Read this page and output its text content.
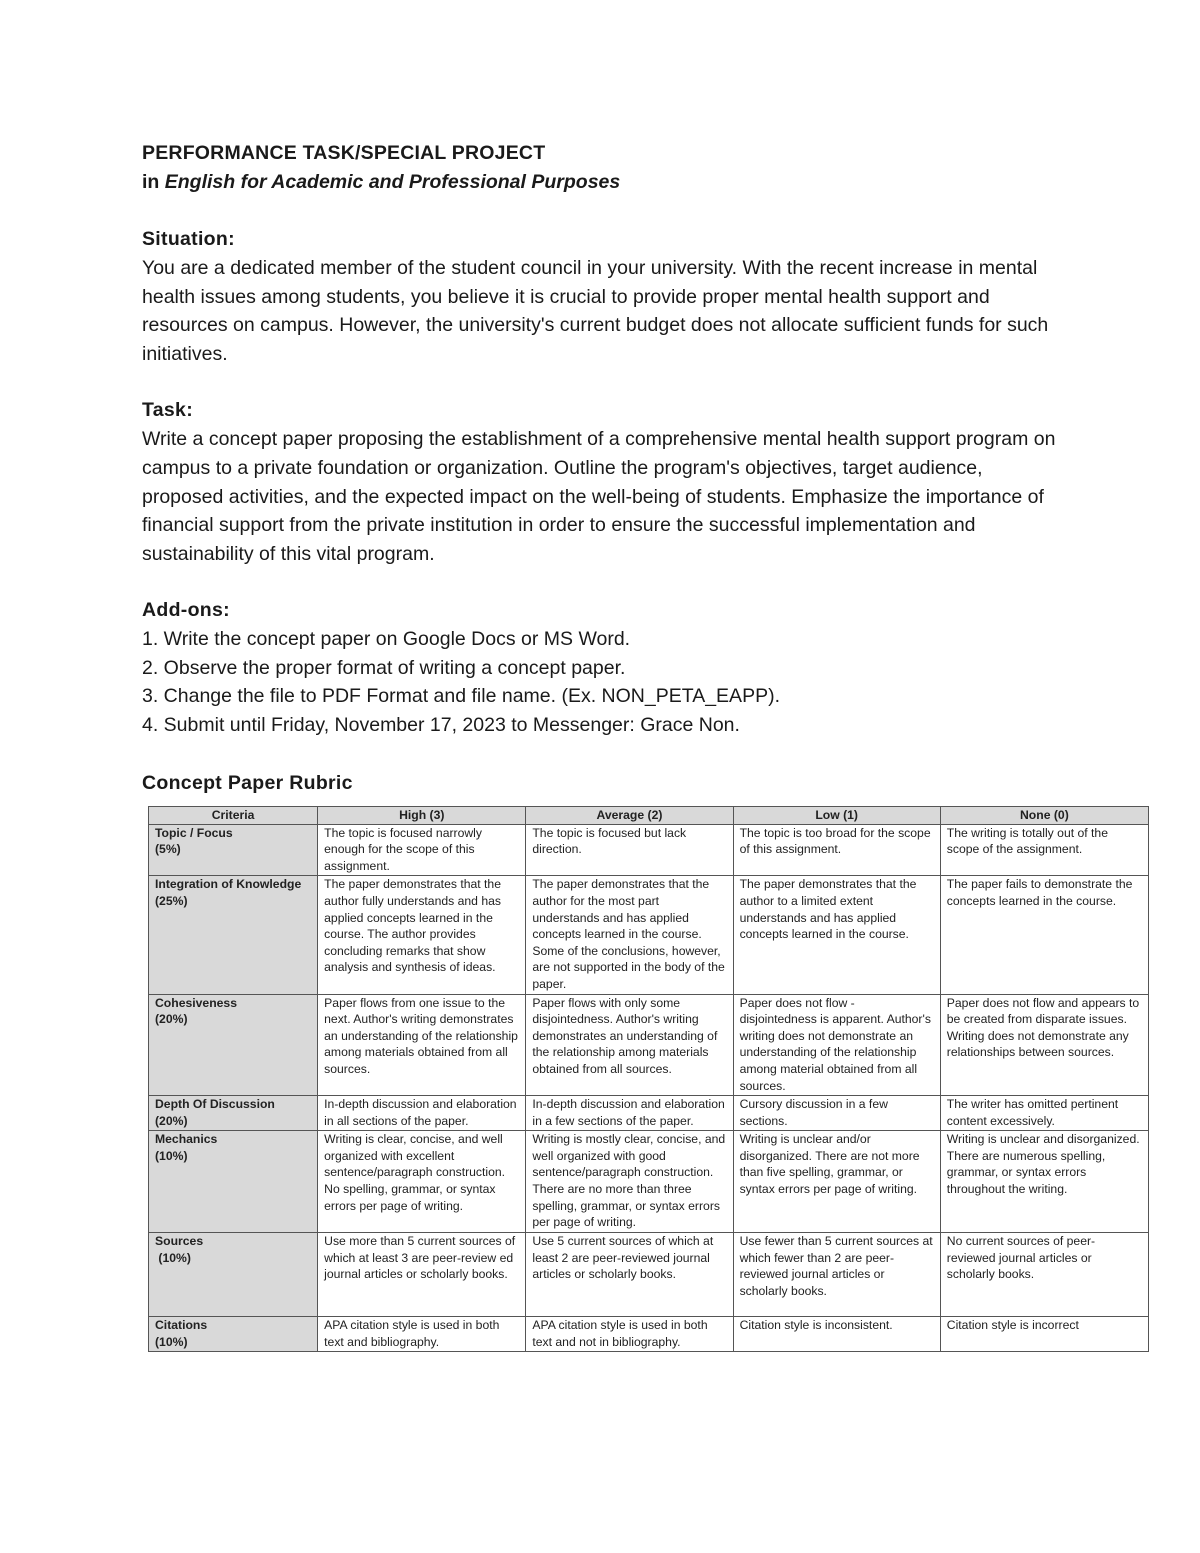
PERFORMANCE TASK/SPECIAL PROJECT
in English for Academic and Professional Purposes
Situation:
You are a dedicated member of the student council in your university. With the recent increase in mental health issues among students, you believe it is crucial to provide proper mental health support and resources on campus. However, the university's current budget does not allocate sufficient funds for such initiatives.
Task:
Write a concept paper proposing the establishment of a comprehensive mental health support program on campus to a private foundation or organization. Outline the program's objectives, target audience, proposed activities, and the expected impact on the well-being of students. Emphasize the importance of financial support from the private institution in order to ensure the successful implementation and sustainability of this vital program.
Add-ons:
1. Write the concept paper on Google Docs or MS Word.
2. Observe the proper format of writing a concept paper.
3. Change the file to PDF Format and file name. (Ex. NON_PETA_EAPP).
4. Submit until Friday, November 17, 2023 to Messenger: Grace Non.
Concept Paper Rubric
Criteria	High (3)	Average (2)	Low (1)	None (0)

Topic / Focus
(5%)	The topic is focused narrowly enough for the scope of this assignment.	The topic is focused but lack direction.	The topic is too broad for the scope of this assignment.	The writing is totally out of the scope of the assignment.

Integration of Knowledge
(25%)	The paper demonstrates that the author fully understands and has applied concepts learned in the course. The author provides concluding remarks that show analysis and synthesis of ideas.	The paper demonstrates that the author for the most part understands and has applied concepts learned in the course. Some of the conclusions, however, are not supported in the body of the paper.	The paper demonstrates that the author to a limited extent understands and has applied concepts learned in the course.	The paper fails to demonstrate the concepts learned in the course.

Cohesiveness
(20%)	Paper flows from one issue to the next. Author's writing demonstrates an understanding of the relationship among materials obtained from all sources.	Paper flows with only some disjointedness. Author's writing demonstrates an understanding of the relationship among materials obtained from all sources.	Paper does not flow - disjointedness is apparent. Author's writing does not demonstrate an understanding of the relationship among material obtained from all sources.	Paper does not flow and appears to be created from disparate issues. Writing does not demonstrate any relationships between sources.

Depth Of Discussion
(20%)	In-depth discussion and elaboration in all sections of the paper.	In-depth discussion and elaboration in a few sections of the paper.	Cursory discussion in a few sections.	The writer has omitted pertinent content excessively.

Mechanics
(10%)	Writing is clear, concise, and well organized with excellent sentence/paragraph construction. No spelling, grammar, or syntax errors per page of writing.	Writing is mostly clear, concise, and well organized with good sentence/paragraph construction. There are no more than three spelling, grammar, or syntax errors per page of writing.	Writing is unclear and/or disorganized. There are not more than five spelling, grammar, or syntax errors per page of writing.	Writing is unclear and disorganized. There are numerous spelling, grammar, or syntax errors throughout the writing.

Sources
(10%)	Use more than 5 current sources of which at least 3 are peer-review ed journal articles or scholarly books.	Use 5 current sources of which at least 2 are peer-reviewed journal articles or scholarly books.	Use fewer than 5 current sources at which fewer than 2 are peer-reviewed journal articles or scholarly books.	No current sources of peer-reviewed journal articles or scholarly books.

Citations
(10%)	APA citation style is used in both text and bibliography.	APA citation style is used in both text and not in bibliography.	Citation style is inconsistent.	Citation style is incorrect
